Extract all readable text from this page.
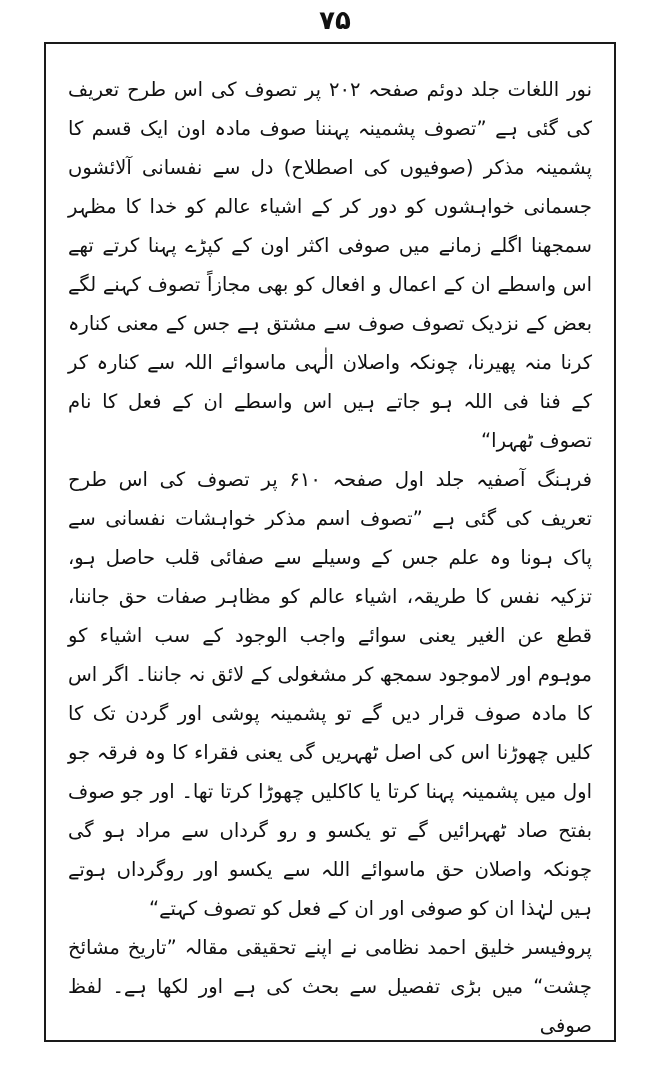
۷۵

نور اللغات جلد دوئم صفحہ ۲۰۲ پر تصوف کی اس طرح تعریف کی گئی ہے ”تصوف پشمینہ پہننا صوف مادہ اون ایک قسم کا پشمینہ مذکر (صوفیوں کی اصطلاح) دل سے نفسانی آلائشوں جسمانی خواہشوں کو دور کر کے اشیاء عالم کو خدا کا مظہر سمجھنا اگلے زمانے میں صوفی اکثر اون کے کپڑے پہنا کرتے تھے اس واسطے ان کے اعمال و افعال کو بھی مجازاً تصوف کہنے لگے بعض کے نزدیک تصوف صوف سے مشتق ہے جس کے معنی کنارہ کرنا منہ پھیرنا، چونکہ واصلان الٰہی ماسوائے اللہ سے کنارہ کر کے فنا فی اللہ ہو جاتے ہیں اس واسطے ان کے فعل کا نام تصوف ٹھہرا“

فرہنگ آصفیہ جلد اول صفحہ ۶۱۰ پر تصوف کی اس طرح تعریف کی گئی ہے ”تصوف اسم مذکر خواہشات نفسانی سے پاک ہونا وہ علم جس کے وسیلے سے صفائی قلب حاصل ہو، تزکیہ نفس کا طریقہ، اشیاء عالم کو مظاہر صفات حق جاننا، قطع عن الغیر یعنی سوائے واجب الوجود کے سب اشیاء کو موہوم اور لاموجود سمجھ کر مشغولی کے لائق نہ جاننا۔ اگر اس کا مادہ صوف قرار دیں گے تو پشمینہ پوشی اور گردن تک کا کلیں چھوڑنا اس کی اصل ٹھہریں گی یعنی فقراء کا وہ فرقہ جو اول میں پشمینہ پہنا کرتا یا کاکلیں چھوڑا کرتا تھا۔ اور جو صوف بفتح صاد ٹھہرائیں گے تو یکسو و رو گرداں سے مراد ہو گی چونکہ واصلان حق ماسوائے اللہ سے یکسو اور روگرداں ہوتے ہیں لہٰذا ان کو صوفی اور ان کے فعل کو تصوف کہتے“

پروفیسر خلیق احمد نظامی نے اپنے تحقیقی مقالہ ”تاریخ مشائخ چشت“ میں بڑی تفصیل سے بحث کی ہے اور لکھا ہے۔ لفظ صوفی
